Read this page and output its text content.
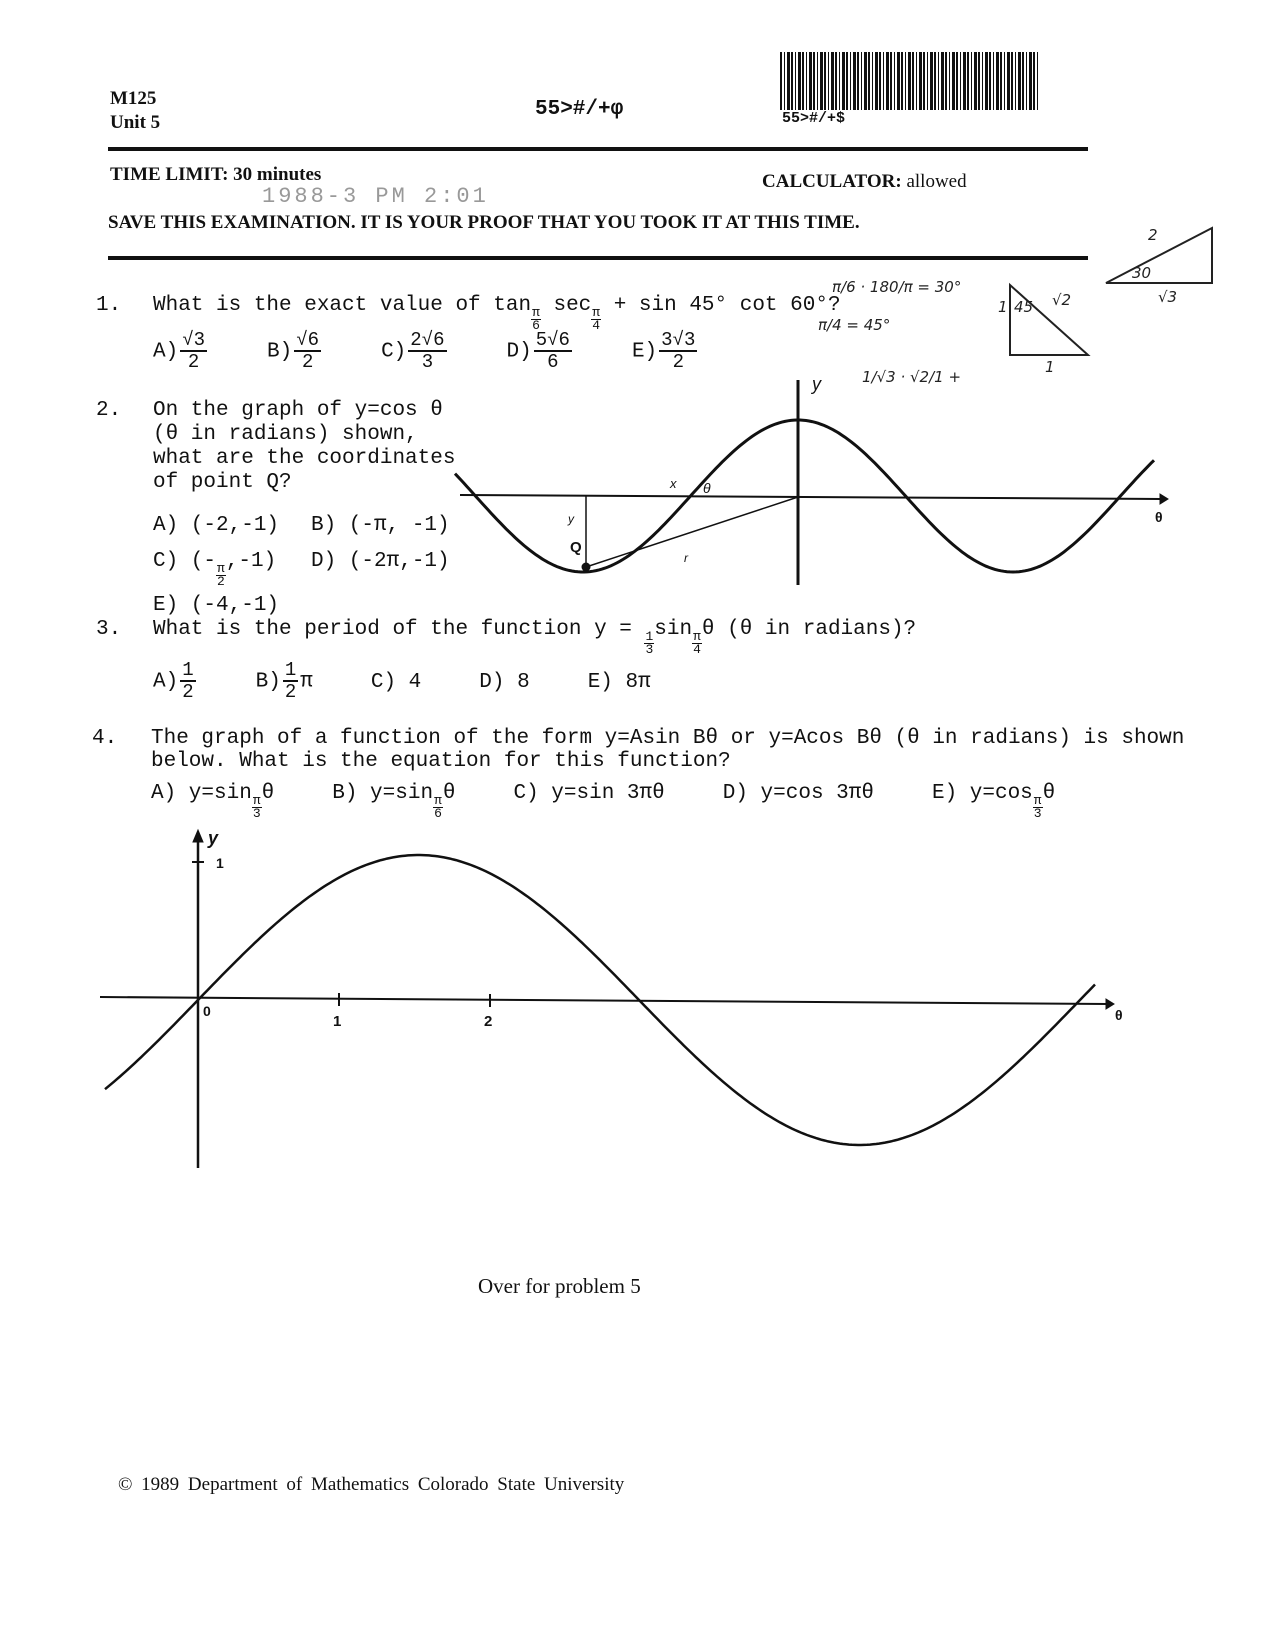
M125
Unit 5
55>#/+φ	55>#/+$
TIME LIMIT: 30 minutes	CALCULATOR: allowed
1988-3 PM 2:01
SAVE THIS EXAMINATION. IT IS YOUR PROOF THAT YOU TOOK IT AT THIS TIME.
1. What is the exact value of tan
$\frac{\pi}{6}$
sec
$\frac{\pi}{4}$
+ sin 45° cot 60°?
$A) \frac{√3}{2}$	$B) \frac{√6}{2}$	$C) \frac{2√6}{3}$	$D) \frac{5√6}{6}$	$E) \frac{3√3}{2}$
2. On the graph of y=cos θ
(θ in radians) shown,
what are the coordinates
of point Q?
A) (-2,-1) B) (-π, -1)
C) (-
$\frac{\pi}{2}$
,-1) D) (-2π,-1)
E) (-4,-1)
3. What is the period of the function y =
$\frac{1}{3}$
sin
$\frac{\pi}{4}$
θ (θ in radians)?
$A) \frac{1}{2}$	$B) \frac{1}{2}$ π	C) 4	D) 8	E) 8π
4. The graph of a function of the form y=Asin Bθ or y=Acos Bθ (θ in radians) is shown
below. What is the equation for this function?
A) y=sin
$\frac{\pi}{3}$
θ	B) y=sin
$\frac{\pi}{6}$
θ	C) y=sin 3πθ	D) y=cos 3πθ	E) y=cos
$\frac{\pi}{3}$
θ
y
θ
Q
x
y
r
θ
y
1
0
1	2	θ
π/6 · 180/π = 30°
π/4 = 45°
1/√3 · √2/1 +
1 45 √2
1
2
30
√3
Over for problem 5
© 1989 Department of Mathematics Colorado State University
